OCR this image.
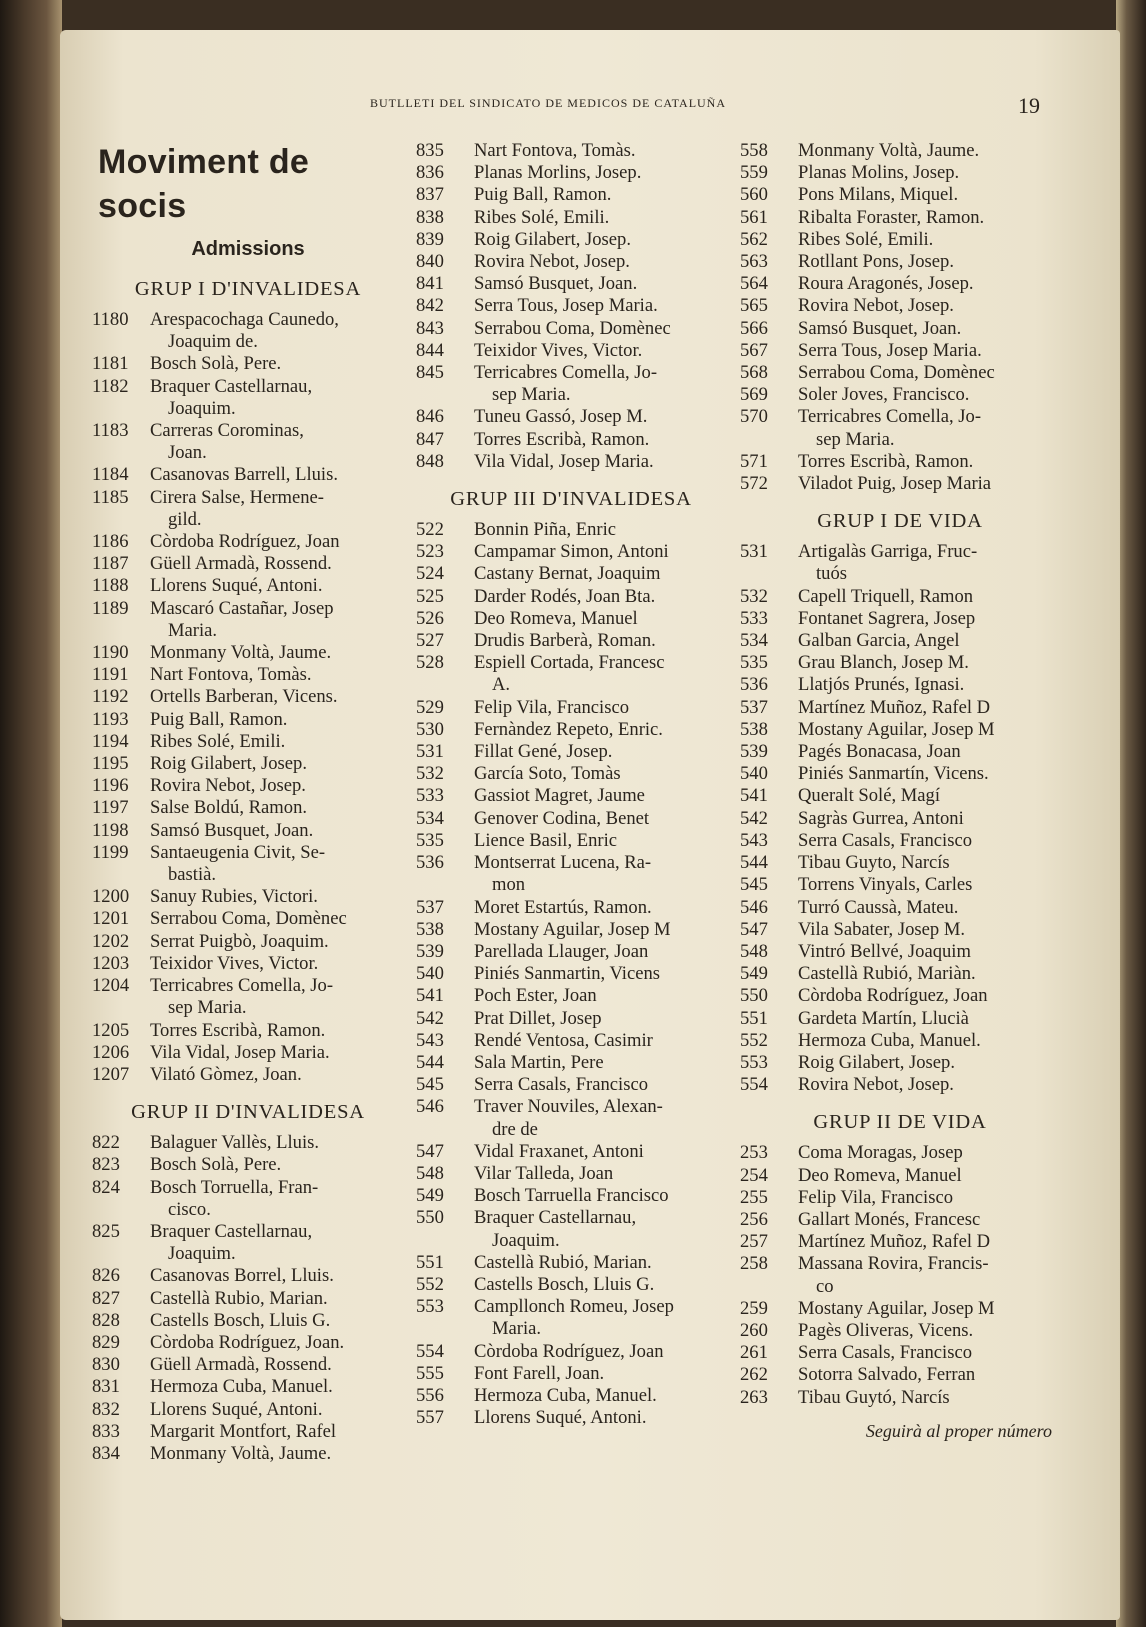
BUTLLETI DEL SINDICATO DE MEDICOS DE CATALUÑA	19
Moviment de socis
Admissions
GRUP I D'INVALIDESA
1180	Arespacochaga Caunedo,
Joaquim de.
1181	Bosch Solà, Pere.
1182	Braquer Castellarnau,
Joaquim.
1183	Carreras Corominas,
Joan.
1184	Casanovas Barrell, Lluis.
1185	Cirera Salse, Hermene-
gild.
1186	Còrdoba Rodríguez, Joan
1187	Güell Armadà, Rossend.
1188	Llorens Suqué, Antoni.
1189	Mascaró Castañar, Josep
Maria.
1190	Monmany Voltà, Jaume.
1191	Nart Fontova, Tomàs.
1192	Ortells Barberan, Vicens.
1193	Puig Ball, Ramon.
1194	Ribes Solé, Emili.
1195	Roig Gilabert, Josep.
1196	Rovira Nebot, Josep.
1197	Salse Boldú, Ramon.
1198	Samsó Busquet, Joan.
1199	Santaeugenia Civit, Se-
bastià.
1200	Sanuy Rubies, Victori.
1201	Serrabou Coma, Domènec
1202	Serrat Puigbò, Joaquim.
1203	Teixidor Vives, Victor.
1204	Terricabres Comella, Jo-
sep Maria.
1205	Torres Escribà, Ramon.
1206	Vila Vidal, Josep Maria.
1207	Vilató Gòmez, Joan.
GRUP II D'INVALIDESA
822	Balaguer Vallès, Lluis.
823	Bosch Solà, Pere.
824	Bosch Torruella, Fran-
cisco.
825	Braquer Castellarnau,
Joaquim.
826	Casanovas Borrel, Lluis.
827	Castellà Rubio, Marian.
828	Castells Bosch, Lluis G.
829	Còrdoba Rodríguez, Joan.
830	Güell Armadà, Rossend.
831	Hermoza Cuba, Manuel.
832	Llorens Suqué, Antoni.
833	Margarit Montfort, Rafel
834	Monmany Voltà, Jaume.
835	Nart Fontova, Tomàs.
836	Planas Morlins, Josep.
837	Puig Ball, Ramon.
838	Ribes Solé, Emili.
839	Roig Gilabert, Josep.
840	Rovira Nebot, Josep.
841	Samsó Busquet, Joan.
842	Serra Tous, Josep Maria.
843	Serrabou Coma, Domènec
844	Teixidor Vives, Victor.
845	Terricabres Comella, Jo-
sep Maria.
846	Tuneu Gassó, Josep M.
847	Torres Escribà, Ramon.
848	Vila Vidal, Josep Maria.
GRUP III D'INVALIDESA
522	Bonnin Piña, Enric
523	Campamar Simon, Antoni
524	Castany Bernat, Joaquim
525	Darder Rodés, Joan Bta.
526	Deo Romeva, Manuel
527	Drudis Barberà, Roman.
528	Espiell Cortada, Francesc
A.
529	Felip Vila, Francisco
530	Fernàndez Repeto, Enric.
531	Fillat Gené, Josep.
532	García Soto, Tomàs
533	Gassiot Magret, Jaume
534	Genover Codina, Benet
535	Lience Basil, Enric
536	Montserrat Lucena, Ra-
mon
537	Moret Estartús, Ramon.
538	Mostany Aguilar, Josep M
539	Parellada Llauger, Joan
540	Piniés Sanmartin, Vicens
541	Poch Ester, Joan
542	Prat Dillet, Josep
543	Rendé Ventosa, Casimir
544	Sala Martin, Pere
545	Serra Casals, Francisco
546	Traver Nouviles, Alexan-
dre de
547	Vidal Fraxanet, Antoni
548	Vilar Talleda, Joan
549	Bosch Tarruella Francisco
550	Braquer Castellarnau,
Joaquim.
551	Castellà Rubió, Marian.
552	Castells Bosch, Lluis G.
553	Campllonch Romeu, Josep
Maria.
554	Còrdoba Rodríguez, Joan
555	Font Farell, Joan.
556	Hermoza Cuba, Manuel.
557	Llorens Suqué, Antoni.
558	Monmany Voltà, Jaume.
559	Planas Molins, Josep.
560	Pons Milans, Miquel.
561	Ribalta Foraster, Ramon.
562	Ribes Solé, Emili.
563	Rotllant Pons, Josep.
564	Roura Aragonés, Josep.
565	Rovira Nebot, Josep.
566	Samsó Busquet, Joan.
567	Serra Tous, Josep Maria.
568	Serrabou Coma, Domènec
569	Soler Joves, Francisco.
570	Terricabres Comella, Jo-
sep Maria.
571	Torres Escribà, Ramon.
572	Viladot Puig, Josep Maria
GRUP I DE VIDA
531	Artigalàs Garriga, Fruc-
tuós
532	Capell Triquell, Ramon
533	Fontanet Sagrera, Josep
534	Galban Garcia, Angel
535	Grau Blanch, Josep M.
536	Llatjós Prunés, Ignasi.
537	Martínez Muñoz, Rafel D
538	Mostany Aguilar, Josep M
539	Pagés Bonacasa, Joan
540	Piniés Sanmartín, Vicens.
541	Queralt Solé, Magí
542	Sagràs Gurrea, Antoni
543	Serra Casals, Francisco
544	Tibau Guyto, Narcís
545	Torrens Vinyals, Carles
546	Turró Caussà, Mateu.
547	Vila Sabater, Josep M.
548	Vintró Bellvé, Joaquim
549	Castellà Rubió, Mariàn.
550	Còrdoba Rodríguez, Joan
551	Gardeta Martín, Llucià
552	Hermoza Cuba, Manuel.
553	Roig Gilabert, Josep.
554	Rovira Nebot, Josep.
GRUP II DE VIDA
253	Coma Moragas, Josep
254	Deo Romeva, Manuel
255	Felip Vila, Francisco
256	Gallart Monés, Francesc
257	Martínez Muñoz, Rafel D
258	Massana Rovira, Francis-
co
259	Mostany Aguilar, Josep M
260	Pagès Oliveras, Vicens.
261	Serra Casals, Francisco
262	Sotorra Salvado, Ferran
263	Tibau Guytó, Narcís
Seguirà al proper número
